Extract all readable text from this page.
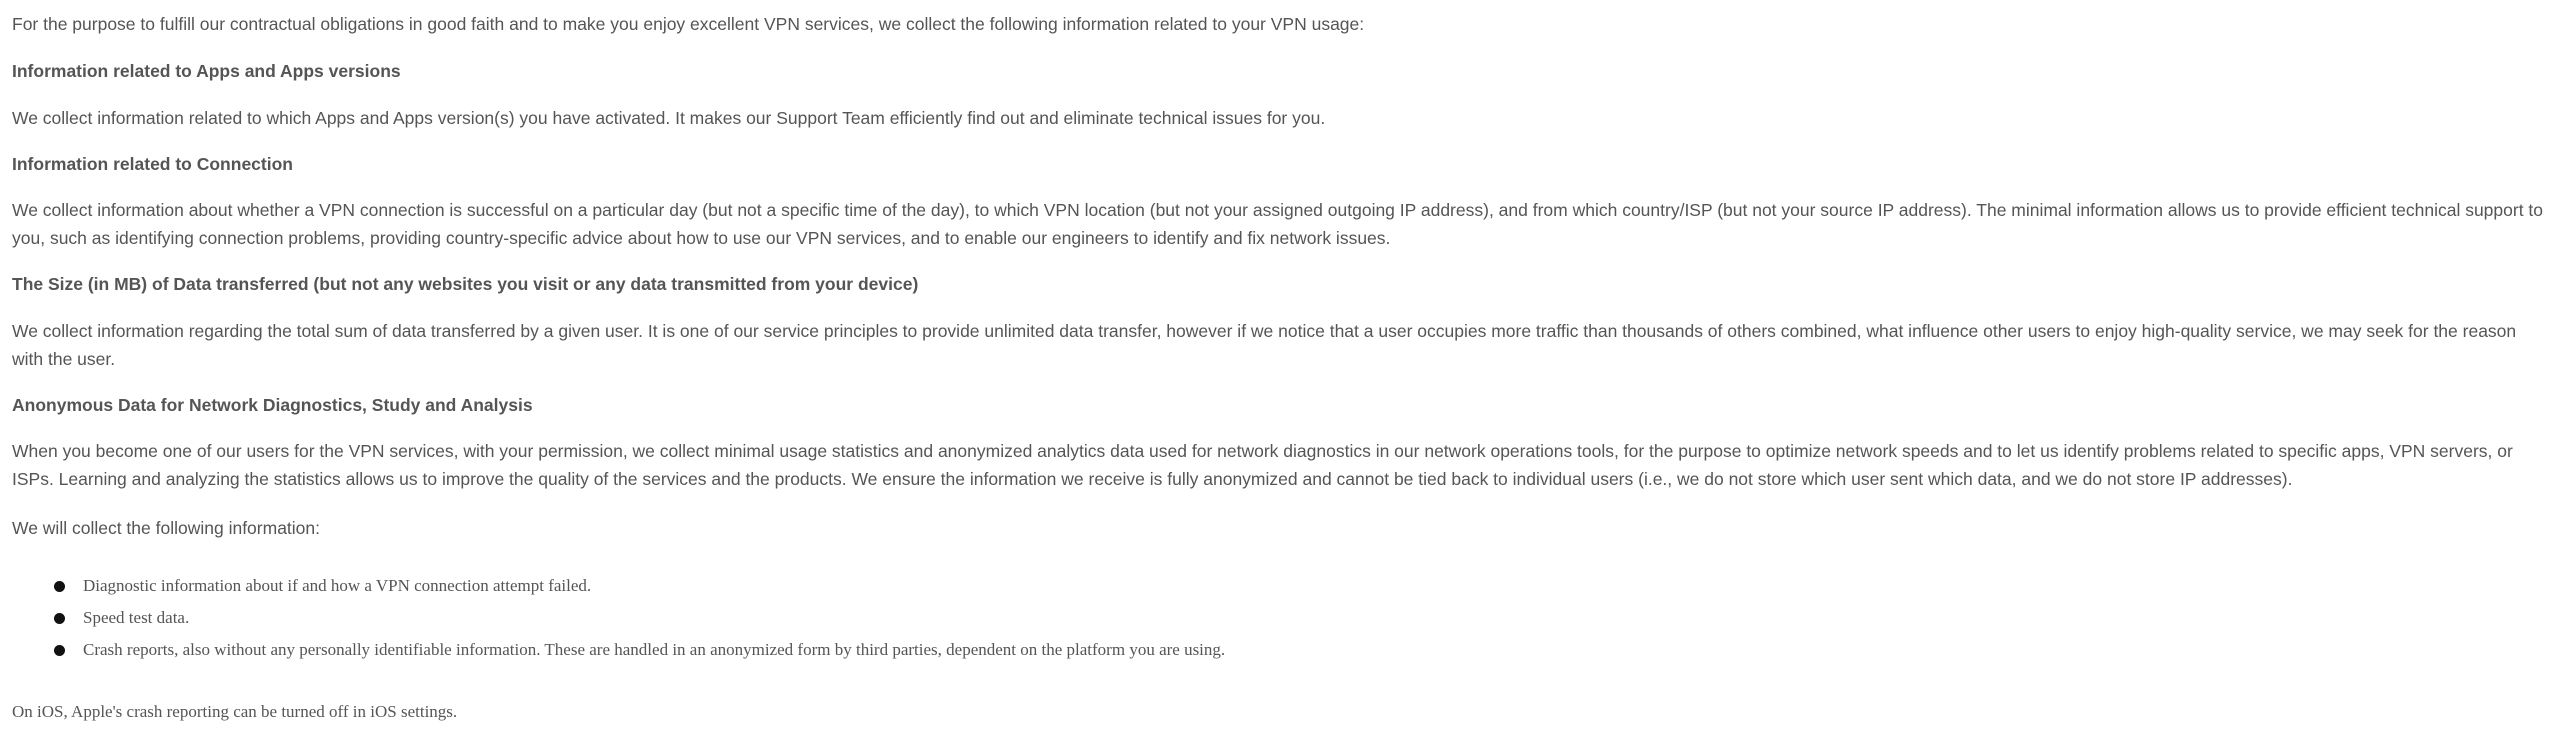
For the purpose to fulfill our contractual obligations in good faith and to make you enjoy excellent VPN services, we collect the following information related to your VPN usage:

Information related to Apps and Apps versions

We collect information related to which Apps and Apps version(s) you have activated. It makes our Support Team efficiently find out and eliminate technical issues for you.

Information related to Connection

We collect information about whether a VPN connection is successful on a particular day (but not a specific time of the day), to which VPN location (but not your assigned outgoing IP address), and from which country/ISP (but not your source IP address). The minimal information allows us to provide efficient technical support to you, such as identifying connection problems, providing country-specific advice about how to use our VPN services, and to enable our engineers to identify and fix network issues.

The Size (in MB) of Data transferred (but not any websites you visit or any data transmitted from your device)

We collect information regarding the total sum of data transferred by a given user. It is one of our service principles to provide unlimited data transfer, however if we notice that a user occupies more traffic than thousands of others combined, what influence other users to enjoy high-quality service, we may seek for the reason with the user.

Anonymous Data for Network Diagnostics, Study and Analysis

When you become one of our users for the VPN services, with your permission, we collect minimal usage statistics and anonymized analytics data used for network diagnostics in our network operations tools, for the purpose to optimize network speeds and to let us identify problems related to specific apps, VPN servers, or ISPs. Learning and analyzing the statistics allows us to improve the quality of the services and the products. We ensure the information we receive is fully anonymized and cannot be tied back to individual users (i.e., we do not store which user sent which data, and we do not store IP addresses).

We will collect the following information:

Diagnostic information about if and how a VPN connection attempt failed.
Speed test data.
Crash reports, also without any personally identifiable information. These are handled in an anonymized form by third parties, dependent on the platform you are using.

On iOS, Apple's crash reporting can be turned off in iOS settings.
